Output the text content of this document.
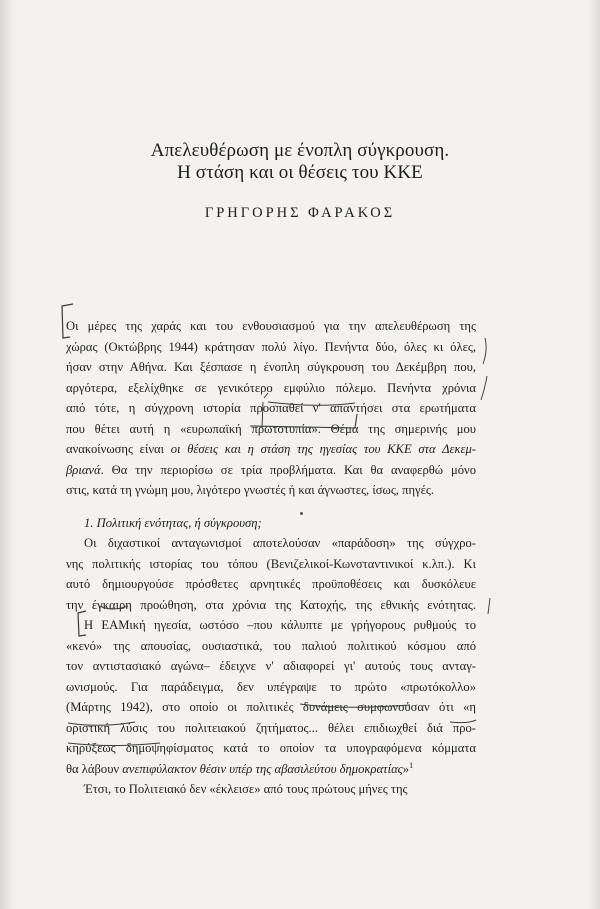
Απελευθέρωση με ένοπλη σύγκρουση.
Η στάση και οι θέσεις του ΚΚΕ
ΓΡΗΓΟΡΗΣ ΦΑΡΑΚΟΣ
Οι μέρες της χαράς και του ενθουσιασμού για την απελευθέρωση της
χώρας (Οκτώβρης 1944) κράτησαν πολύ λίγο. Πενήντα δύο, όλες κι όλες,
ήσαν στην Αθήνα. Και ξέσπασε η ένοπλη σύγκρουση του Δεκέμβρη που,
αργότερα, εξελίχθηκε σε γενικότερο εμφύλιο πόλεμο. Πενήντα χρόνια
από τότε, η σύγχρονη ιστορία προσπαθεί ν' απαντήσει στα ερωτήματα
που θέτει αυτή η «ευρωπαϊκή πρωτοτυπία». Θέμα της σημερινής μου
ανακοίνωσης είναι οι θέσεις και η στάση της ηγεσίας του ΚΚΕ στα Δεκεμ-
βριανά. Θα την περιορίσω σε τρία προβλήματα. Και θα αναφερθώ μόνο
στις, κατά τη γνώμη μου, λιγότερο γνωστές ή και άγνωστες, ίσως, πηγές.
1. Πολιτική ενότητας, ή σύγκρουση;
Οι διχαστικοί ανταγωνισμοί αποτελούσαν «παράδοση» της σύγχρο-
νης πολιτικής ιστορίας του τόπου (Βενιζελικοί-Κωνσταντινικοί κ.λπ.). Κι
αυτό δημιουργούσε πρόσθετες αρνητικές προϋποθέσεις και δυσκόλευε
την έγκαιρη προώθηση, στα χρόνια της Κατοχής, της εθνικής ενότητας.
Η ΕΑΜική ηγεσία, ωστόσο –που κάλυπτε με γρήγορους ρυθμούς το
«κενό» της απουσίας, ουσιαστικά, του παλιού πολιτικού κόσμου από
τον αντιστασιακό αγώνα– έδειχνε ν' αδιαφορεί γι' αυτούς τους ανταγ-
ωνισμούς. Για παράδειγμα, δεν υπέγραψε το πρώτο «πρωτόκολλο»
(Μάρτης 1942), στο οποίο οι πολιτικές δυνάμεις συμφωνούσαν ότι «η
οριστική λύσις του πολιτειακού ζητήματος... θέλει επιδιωχθεί διά προ-
κηρύξεως δημοψηφίσματος κατά το οποίον τα υπογραφόμενα κόμματα
θα λάβουν ανεπιφύλακτον θέσιν υπέρ της αβασιλεύτου δημοκρατίας»$^1$
Έτσι, το Πολιτειακό δεν «έκλεισε» από τους πρώτους μήνες της
